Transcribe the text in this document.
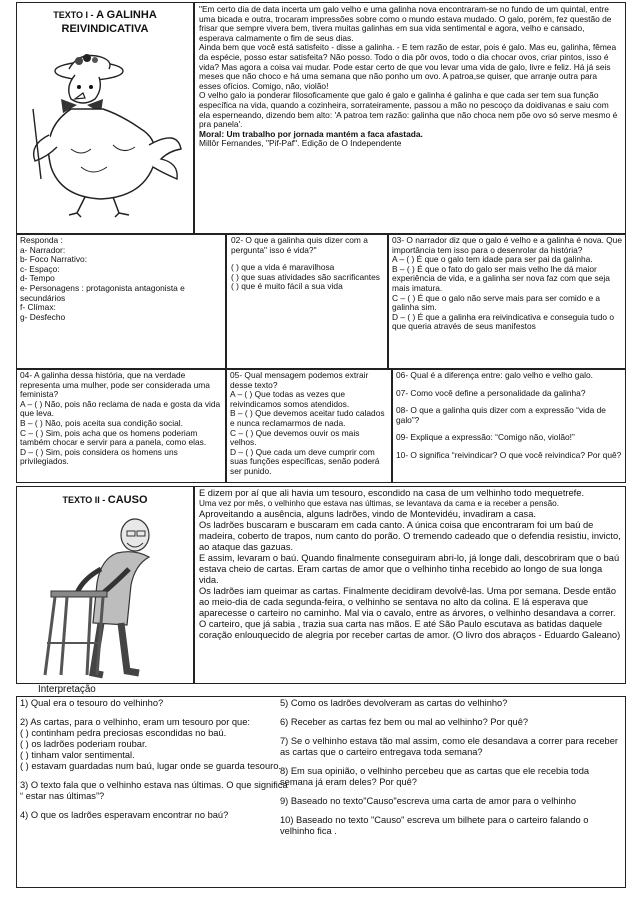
TEXTO I - A GALINHA
REIVINDICATIVA

"Em certo dia de data incerta um galo velho e uma galinha nova encontraram-se no fundo de um quintal, entre uma bicada e outra, trocaram impressões sobre como o mundo estava mudado. O galo, porém, fez questão de frisar que sempre vivera bem, tivera muitas galinhas em sua vida sentimental e agora, velho e cansado, esperava calmamente o fim de seus dias.

Ainda bem que você está satisfeito - disse a galinha. - E tem razão de estar, pois é galo. Mas eu, galinha, fêmea da espécie, posso estar satisfeita? Não posso. Todo o dia pôr ovos, todo o dia chocar ovos, criar pintos, isso é vida? Mas agora a coisa vai mudar. Pode estar certo de que vou levar uma vida de galo, livre e feliz. Há já seis meses que não choco e há uma semana que não ponho um ovo. A patroa,se quiser, que arranje outra para esses ofícios. Comigo, não, violão!

O velho galo ia ponderar filosoficamente que galo é galo e galinha é galinha e que cada ser tem sua função específica na vida, quando a cozinheira, sorrateiramente, passou a mão no pescoço da doidivanas e saiu com ela esperneando, dizendo bem alto: 'A patroa tem razão: galinha que não choca nem põe ovo só serve mesmo é pra panela'.

Moral: Um trabalho por jornada mantém a faca afastada.

Millôr Fernandes, "Pif-Paf". Edição de O Independente

Responda :
a- Narrador:
b- Foco Narrativo:
c- Espaço:
d- Tempo
e- Personagens : protagonista antagonista e secundários
f- Clímax:
g- Desfecho
02- O que a galinha quis dizer com a pergunta" isso é vida?"
( ) que a vida é maravilhosa
( ) que suas atividades são sacrificantes
( ) que é muito fácil a sua vida
03- O narrador diz que o galo é velho e a galinha é nova. Que importância tem isso para o desenrolar da história?
A – ( ) É que o galo tem idade para ser pai da galinha.
B – ( ) É que o fato do galo ser mais velho lhe dá maior experiência de vida, e a galinha ser nova faz com que seja mais imatura.
C – ( ) É que o galo não serve mais para ser comido e a galinha sim.
D – ( ) É que a galinha era reivindicativa e conseguia tudo o que queria através de seus manifestos
04- A galinha dessa história, que na verdade representa uma mulher, pode ser considerada uma feminista?
A – ( ) Não, pois não reclama de nada e gosta da vida que leva.
B – ( ) Não, pois aceita sua condição social.
C – ( ) Sim, pois acha que os homens poderiam também chocar e servir para a panela, como elas.
D – ( ) Sim, pois considera os homens uns privilegiados.
05- Qual mensagem podemos extrair desse texto?
A – ( ) Que todas as vezes que reivindicamos somos atendidos.
B – ( ) Que devemos aceitar tudo calados e nunca reclamarmos de nada.
C – ( ) Que devemos ouvir os mais velhos.
D – ( ) Que cada um deve cumprir com suas funções específicas, senão poderá ser punido.
06- Qual é a diferença entre: galo velho e velho galo.
07- Como você define a personalidade da galinha?
08- O que a galinha quis dizer com a expressão “vida de galo”?
09- Explique a expressão: “Comigo não, violão!”
10- O significa “reivindicar? O que você reivindica? Por quê?
TEXTO II - CAUSO

E dizem por aí que ali havia um tesouro, escondido na casa de um velhinho todo mequetrefe.

Uma vez por mês, o velhinho que estava nas últimas, se levantava da cama e ia receber a pensão.

Aproveitando a ausência, alguns ladrões, vindo de Montevidéu, invadiram a casa.
Os ladrões buscaram e buscaram em cada canto. A única coisa que encontraram foi um baú de madeira, coberto de trapos, num canto do porão. O tremendo cadeado que o defendia resistiu, invicto, ao ataque das gazuas.
E assim, levaram o baú. Quando finalmente conseguiram abri-lo, já longe dali, descobriram que o baú estava cheio de cartas. Eram cartas de amor que o velhinho tinha recebido ao longo de sua longa vida.
Os ladrões iam queimar as cartas. Finalmente decidiram devolvê-las. Uma por semana. Desde então ao meio-dia de cada segunda-feira, o velhinho se sentava no alto da colina. E lá esperava que aparecesse o carteiro no caminho. Mal via o cavalo, entre as árvores, o velhinho desandava a correr. O carteiro, que já sabia , trazia sua carta nas mãos. E até São Paulo escutava as batidas daquele coração enlouquecido de alegria por receber cartas de amor. (O livro dos abraços - Eduardo Galeano)

Interpretação
1) Qual era o tesouro do velhinho?
2) As cartas, para o velhinho, eram um tesouro por que:
( ) continham pedra preciosas escondidas no baú.
( ) os ladrões poderiam roubar.
( ) tinham valor sentimental.
( ) estavam guardadas num baú, lugar onde se guarda tesouro.
3) O texto fala que o velhinho estava nas últimas. O que significa “ estar nas últimas”?
4) O que os ladrões esperavam encontrar no baú?
5) Como os ladrões devolveram as cartas do velhinho?
6) Receber as cartas fez bem ou mal ao velhinho? Por quê?
7) Se o velhinho estava tão mal assim, como ele desandava a correr para receber as cartas que o carteiro entregava toda semana?
8) Em sua opinião, o velhinho percebeu que as cartas que ele recebia toda semana já eram deles? Por quê?
9) Baseado no texto"Causo"escreva uma carta de amor para o velhinho
10) Baseado no texto "Causo" escreva um bilhete para o carteiro falando o velhinho fica .
